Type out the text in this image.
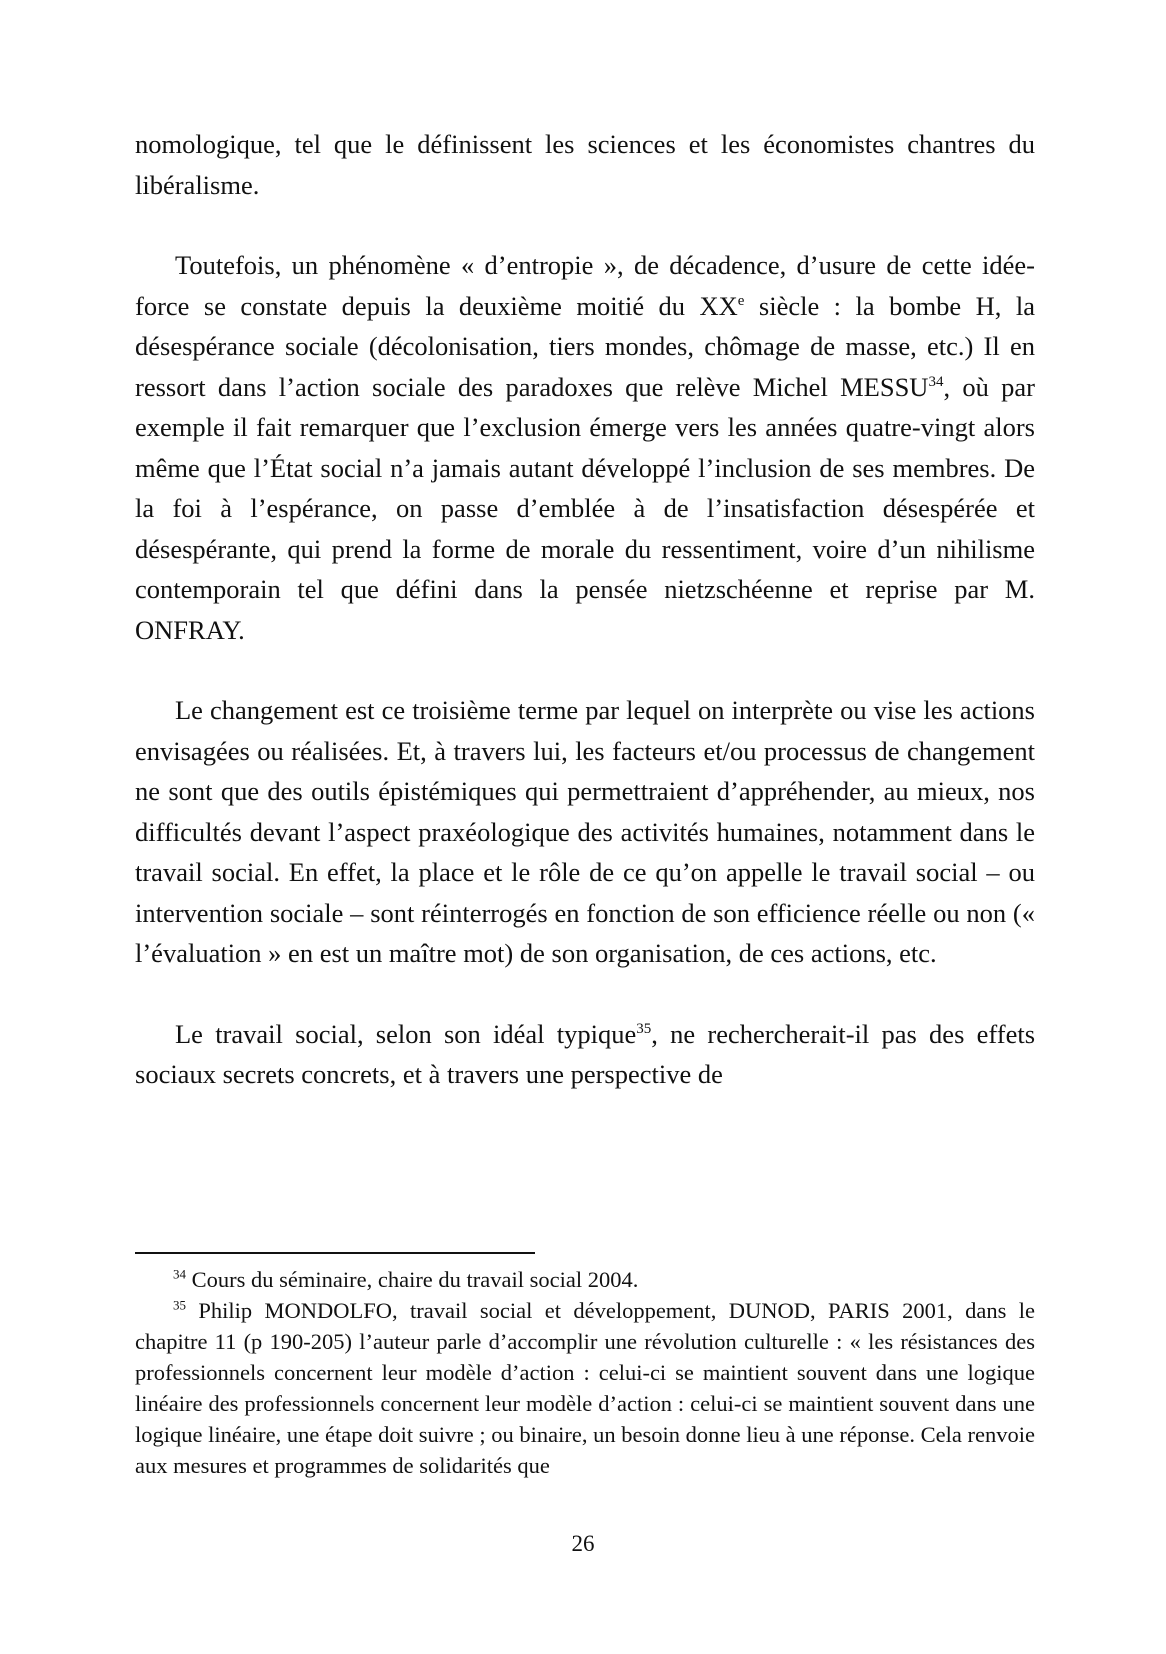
nomologique, tel que le définissent les sciences et les économistes chantres du libéralisme.

Toutefois, un phénomène « d’entropie », de décadence, d’usure de cette idée-force se constate depuis la deuxième moitié du XXe siècle : la bombe H, la désespérance sociale (décolonisation, tiers mondes, chômage de masse, etc.) Il en ressort dans l’action sociale des paradoxes que relève Michel MESSU$^{34}$, où par exemple il fait remarquer que l’exclusion émerge vers les années quatre-vingt alors même que l’État social n’a jamais autant développé l’inclusion de ses membres. De la foi à l’espérance, on passe d’emblée à de l’insatisfaction désespérée et désespérante, qui prend la forme de morale du ressentiment, voire d’un nihilisme contemporain tel que défini dans la pensée nietzschéenne et reprise par M. ONFRAY.

Le changement est ce troisième terme par lequel on interprète ou vise les actions envisagées ou réalisées. Et, à travers lui, les facteurs et/ou processus de changement ne sont que des outils épistémiques qui permettraient d’appréhender, au mieux, nos difficultés devant l’aspect praxéologique des activités humaines, notamment dans le travail social. En effet, la place et le rôle de ce qu’on appelle le travail social – ou intervention sociale – sont réinterrogés en fonction de son efficience réelle ou non (« l’évaluation » en est un maître mot) de son organisation, de ces actions, etc.

Le travail social, selon son idéal typique$^{35}$, ne rechercherait-il pas des effets sociaux secrets concrets, et à travers une perspective de

$^{34}$ Cours du séminaire, chaire du travail social 2004.

$^{35}$ Philip MONDOLFO, travail social et développement, DUNOD, PARIS 2001, dans le chapitre 11 (p 190-205) l’auteur parle d’accomplir une révolution culturelle : « les résistances des professionnels concernent leur modèle d’action : celui-ci se maintient souvent dans une logique linéaire des professionnels concernent leur modèle d’action : celui-ci se maintient souvent dans une logique linéaire, une étape doit suivre ; ou binaire, un besoin donne lieu à une réponse. Cela renvoie aux mesures et programmes de solidarités que

26
